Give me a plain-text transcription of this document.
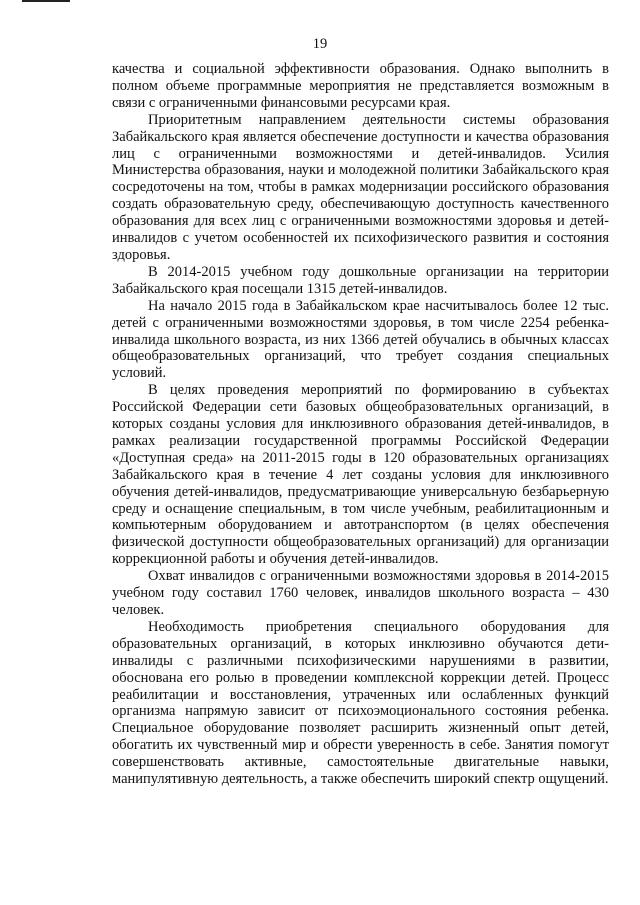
19

качества и социальной эффективности образования. Однако выполнить в полном объеме программные мероприятия не представляется возможным в связи с ограниченными финансовыми ресурсами края.

Приоритетным направлением деятельности системы образования Забайкальского края является обеспечение доступности и качества образования лиц с ограниченными возможностями и детей-инвалидов. Усилия Министерства образования, науки и молодежной политики Забайкальского края сосредоточены на том, чтобы в рамках модернизации российского образования создать образовательную среду, обеспечивающую доступность качественного образования для всех лиц с ограниченными возможностями здоровья и детей-инвалидов с учетом особенностей их психофизического развития и состояния здоровья.

В 2014-2015 учебном году дошкольные организации на территории Забайкальского края посещали 1315 детей-инвалидов.

На начало 2015 года в Забайкальском крае насчитывалось более 12 тыс. детей с ограниченными возможностями здоровья, в том числе 2254 ребенка-инвалида школьного возраста, из них 1366 детей обучались в обычных классах общеобразовательных организаций, что требует создания специальных условий.

В целях проведения мероприятий по формированию в субъектах Российской Федерации сети базовых общеобразовательных организаций, в которых созданы условия для инклюзивного образования детей-инвалидов, в рамках реализации государственной программы Российской Федерации «Доступная среда» на 2011-2015 годы в 120 образовательных организациях Забайкальского края в течение 4 лет созданы условия для инклюзивного обучения детей-инвалидов, предусматривающие универсальную безбарьерную среду и оснащение специальным, в том числе учебным, реабилитационным и компьютерным оборудованием и автотранспортом (в целях обеспечения физической доступности общеобразовательных организаций) для организации коррекционной работы и обучения детей-инвалидов.

Охват инвалидов с ограниченными возможностями здоровья в 2014-2015 учебном году составил 1760 человек, инвалидов школьного возраста – 430 человек.

Необходимость приобретения специального оборудования для образовательных организаций, в которых инклюзивно обучаются дети-инвалиды с различными психофизическими нарушениями в развитии, обоснована его ролью в проведении комплексной коррекции детей. Процесс реабилитации и восстановления, утраченных или ослабленных функций организма напрямую зависит от психоэмоционального состояния ребенка. Специальное оборудование позволяет расширить жизненный опыт детей, обогатить их чувственный мир и обрести уверенность в себе. Занятия помогут совершенствовать активные, самостоятельные двигательные навыки, манипулятивную деятельность, а также обеспечить широкий спектр ощущений.
